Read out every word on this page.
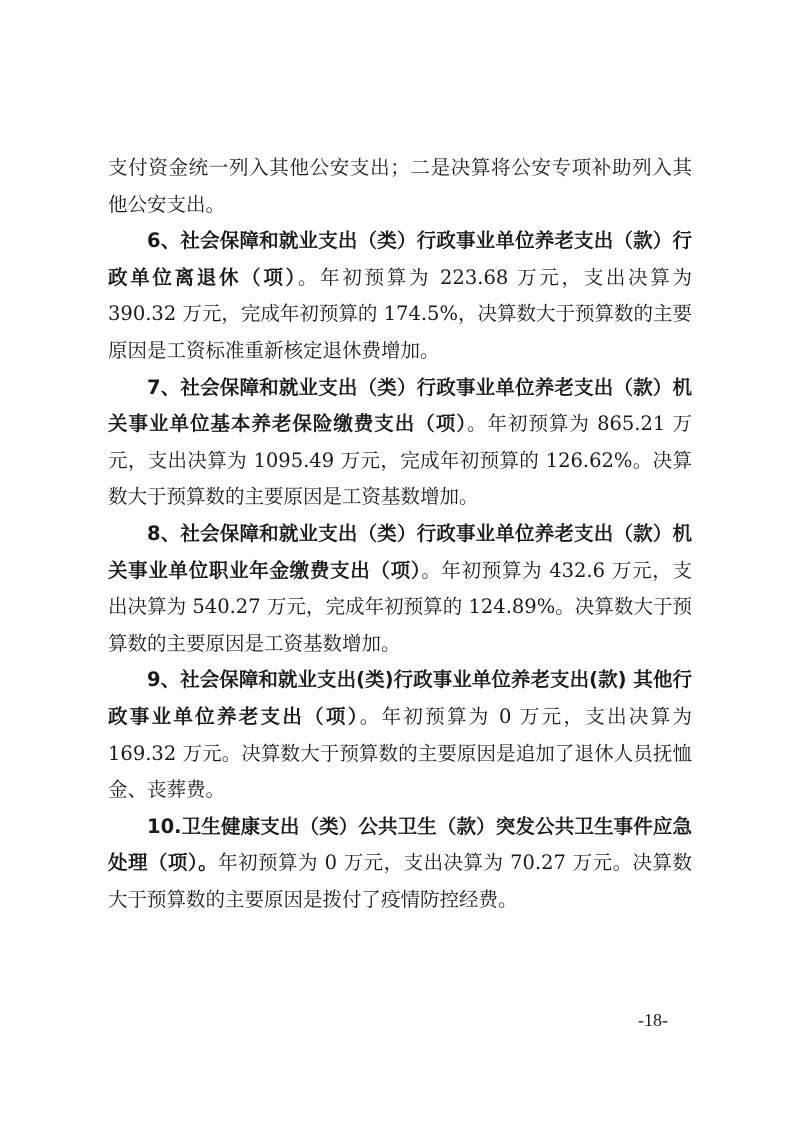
支付资金统一列入其他公安支出；二是决算将公安专项补助列入其他公安支出。

6、社会保障和就业支出（类）行政事业单位养老支出（款）行政单位离退休（项）。年初预算为 223.68 万元，支出决算为 390.32 万元，完成年初预算的 174.5%，决算数大于预算数的主要原因是工资标准重新核定退休费增加。

7、社会保障和就业支出（类）行政事业单位养老支出（款）机关事业单位基本养老保险缴费支出（项）。年初预算为 865.21 万元，支出决算为 1095.49 万元，完成年初预算的 126.62%。决算数大于预算数的主要原因是工资基数增加。

8、社会保障和就业支出（类）行政事业单位养老支出（款）机关事业单位职业年金缴费支出（项）。年初预算为 432.6 万元，支出决算为 540.27 万元，完成年初预算的 124.89%。决算数大于预算数的主要原因是工资基数增加。

9、社会保障和就业支出(类)行政事业单位养老支出(款) 其他行政事业单位养老支出（项）。年初预算为 0 万元，支出决算为 169.32 万元。决算数大于预算数的主要原因是追加了退休人员抚恤金、丧葬费。

10.卫生健康支出（类）公共卫生（款）突发公共卫生事件应急处理（项）。年初预算为 0 万元，支出决算为 70.27 万元。决算数大于预算数的主要原因是拨付了疫情防控经费。

-18-
